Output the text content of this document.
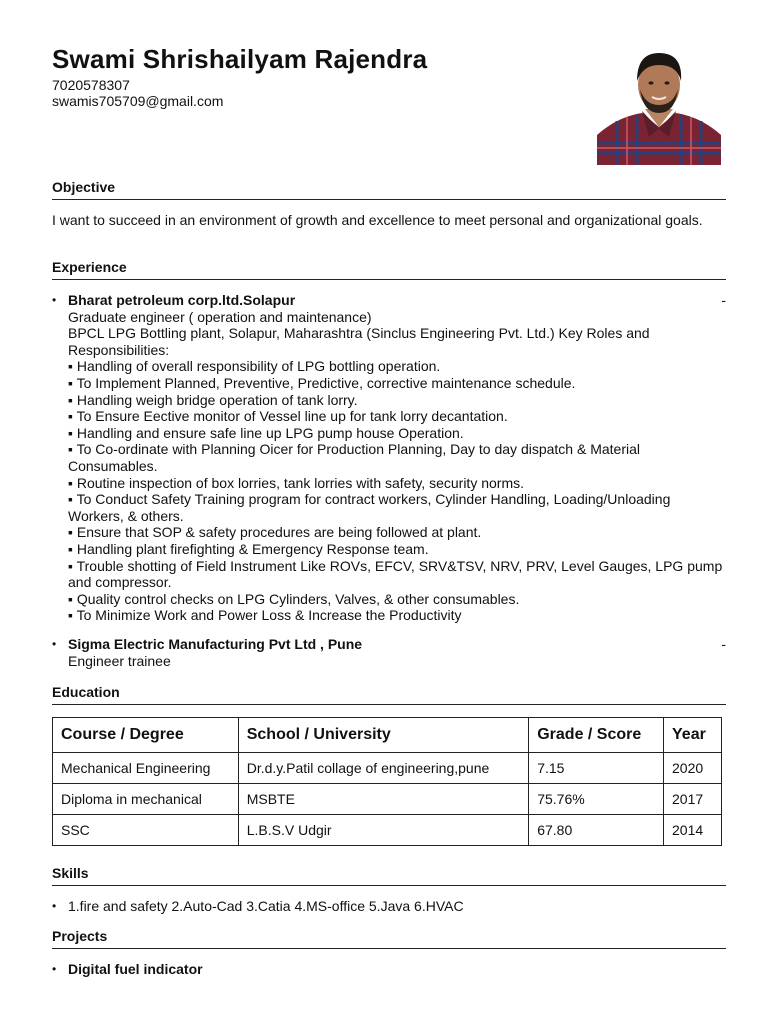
Swami Shrishailyam Rajendra
7020578307
swamis705709@gmail.com
Objective
I want to succeed in an environment of growth and excellence to meet personal and organizational goals.
Experience
• -
Bharat petroleum corp.ltd.Solapur
Graduate engineer ( operation and maintenance)
BPCL LPG Bottling plant, Solapur, Maharashtra (Sinclus Engineering Pvt. Ltd.) Key Roles and Responsibilities:
▪ Handling of overall responsibility of LPG bottling operation.
▪ To Implement Planned, Preventive, Predictive, corrective maintenance schedule.
▪ Handling weigh bridge operation of tank lorry.
▪ To Ensure Eective monitor of Vessel line up for tank lorry decantation.
▪ Handling and ensure safe line up LPG pump house Operation.
▪ To Co-ordinate with Planning Oicer for Production Planning, Day to day dispatch & Material Consumables.
▪ Routine inspection of box lorries, tank lorries with safety, security norms.
▪ To Conduct Safety Training program for contract workers, Cylinder Handling, Loading/Unloading Workers, & others.
▪ Ensure that SOP & safety procedures are being followed at plant.
▪ Handling plant firefighting & Emergency Response team.
▪ Trouble shotting of Field Instrument Like ROVs, EFCV, SRV&TSV, NRV, PRV, Level Gauges, LPG pump and compressor.
▪ Quality control checks on LPG Cylinders, Valves, & other consumables.
▪ To Minimize Work and Power Loss & Increase the Productivity
• -
Sigma Electric Manufacturing Pvt Ltd , Pune
Engineer trainee
Education
Course / Degree	School / University	Grade / Score	Year
Mechanical Engineering	Dr.d.y.Patil collage of engineering,pune	7.15	2020
Diploma in mechanical	MSBTE	75.76%	2017
SSC	L.B.S.V Udgir	67.80	2014
Skills
• 1.fire and safety 2.Auto-Cad 3.Catia 4.MS-office 5.Java 6.HVAC
Projects
• Digital fuel indicator
